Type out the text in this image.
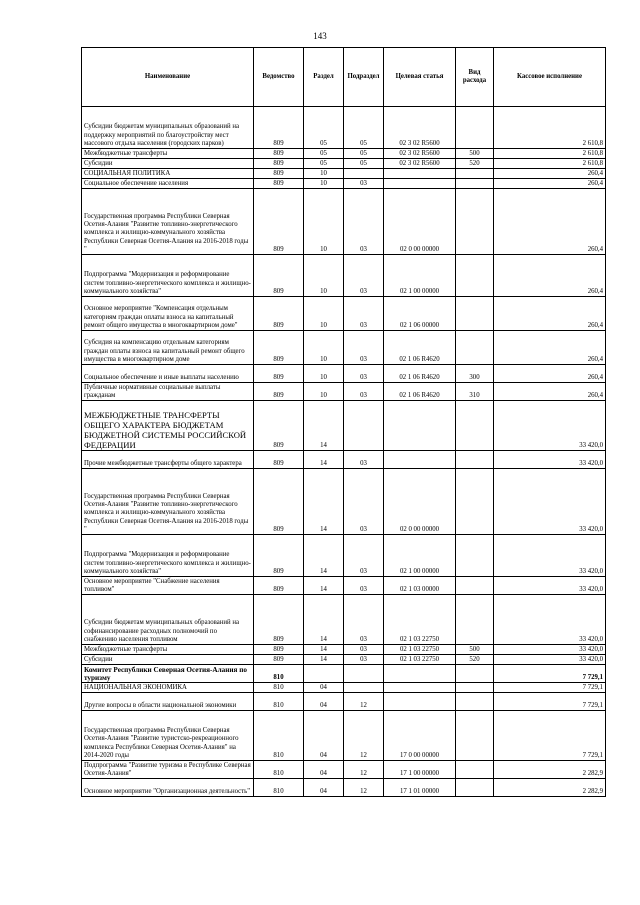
143
Наименование	Ведомство	Раздел	Подраздел	Целевая статья	Вид расхода	Кассовое исполнение
Субсидии бюджетам муниципальных образований на поддержку мероприятий по благоустройству мест массового отдыха населения (городских парков)	809	05	05	02 3 02 R5600		2 610,8
Межбюджетные трансферты	809	05	05	02 3 02 R5600	500	2 610,8
Субсидии	809	05	05	02 3 02 R5600	520	2 610,8
СОЦИАЛЬНАЯ ПОЛИТИКА	809	10				260,4
Социальное обеспечение населения	809	10	03			260,4
Государственная программа Республики Северная Осетия-Алания "Развитие топливно-энергетического комплекса и жилищно-коммунального хозяйства Республики Северная Осетия-Алания на 2016-2018 годы "	809	10	03	02 0 00 00000		260,4
Подпрограмма "Модернизация и реформирование систем топливно-энергетического комплекса и жилищно-коммунального хозяйства"	809	10	03	02 1 00 00000		260,4
Основное мероприятие "Компенсация отдельным категориям граждан оплаты взноса на капитальный ремонт общего имущества в многоквартирном доме"	809	10	03	02 1 06 00000		260,4
Субсидия на компенсацию отдельным категориям граждан оплаты взноса на капитальный ремонт общего имущества в многоквартирном доме	809	10	03	02 1 06 R4620		260,4
Социальное обеспечение и иные выплаты населению	809	10	03	02 1 06 R4620	300	260,4
Публичные нормативные социальные выплаты гражданам	809	10	03	02 1 06 R4620	310	260,4
МЕЖБЮДЖЕТНЫЕ ТРАНСФЕРТЫ ОБЩЕГО ХАРАКТЕРА БЮДЖЕТАМ БЮДЖЕТНОЙ СИСТЕМЫ РОССИЙСКОЙ ФЕДЕРАЦИИ	809	14				33 420,0
Прочие межбюджетные трансферты общего характера	809	14	03			33 420,0
Государственная программа Республики Северная Осетия-Алания "Развитие топливно-энергетического комплекса и жилищно-коммунального хозяйства Республики Северная Осетия-Алания на 2016-2018 годы "	809	14	03	02 0 00 00000		33 420,0
Подпрограмма "Модернизация и реформирование систем топливно-энергетического комплекса и жилищно-коммунального хозяйства"	809	14	03	02 1 00 00000		33 420,0
Основное мероприятие "Снабжение населения топливом"	809	14	03	02 1 03 00000		33 420,0
Субсидии бюджетам муниципальных образований на софинансирование расходных полномочий по снабжению населения топливом	809	14	03	02 1 03 22750		33 420,0
Межбюджетные трансферты	809	14	03	02 1 03 22750	500	33 420,0
Субсидии	809	14	03	02 1 03 22750	520	33 420,0
Комитет Республики Северная Осетия-Алания по туризму	810					7 729,1
НАЦИОНАЛЬНАЯ ЭКОНОМИКА	810	04				7 729,1
Другие вопросы в области национальной экономики	810	04	12			7 729,1
Государственная программа Республики Северная Осетия-Алания "Развитие туристско-рекреационного комплекса Республики Северная Осетия-Алания" на 2014-2020 годы	810	04	12	17 0 00 00000		7 729,1
Подпрограмма "Развитие туризма в Республике Северная Осетия-Алания"	810	04	12	17 1 00 00000		2 282,9
Основное мероприятие "Организационная деятельность"	810	04	12	17 1 01 00000		2 282,9
